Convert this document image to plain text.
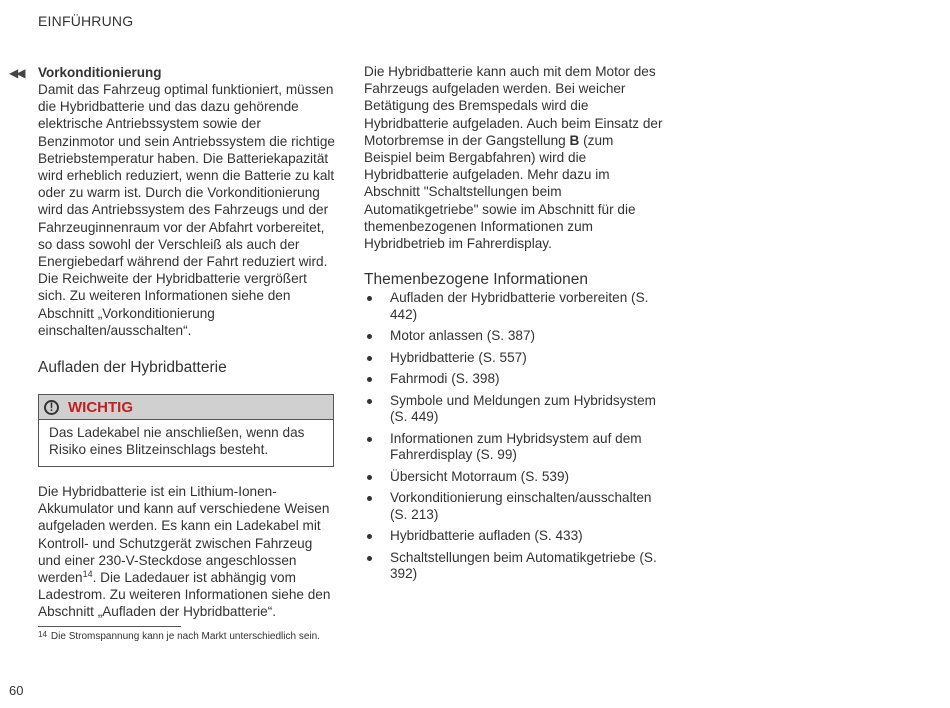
EINFÜHRUNG
◀◀ Vorkonditionierung

Damit das Fahrzeug optimal funktioniert, müssen die Hybridbatterie und das dazu gehörende elektrische Antriebssystem sowie der Benzinmotor und sein Antriebssystem die richtige Betriebstemperatur haben. Die Batteriekapazität wird erheblich reduziert, wenn die Batterie zu kalt oder zu warm ist. Durch die Vorkonditionierung wird das Antriebssystem des Fahrzeugs und der Fahrzeuginnenraum vor der Abfahrt vorbereitet, so dass sowohl der Verschleiß als auch der Energiebedarf während der Fahrt reduziert wird. Die Reichweite der Hybridbatterie vergrößert sich. Zu weiteren Informationen siehe den Abschnitt „Vorkonditionierung einschalten/ausschalten“.

Aufladen der Hybridbatterie
! WICHTIG
Das Ladekabel nie anschließen, wenn das Risiko eines Blitzeinschlags besteht.

Die Hybridbatterie ist ein Lithium-Ionen-Akkumulator und kann auf verschiedene Weisen aufgeladen werden. Es kann ein Ladekabel mit Kontroll- und Schutzgerät zwischen Fahrzeug und einer 230-V-Steckdose angeschlossen werden$^{14}$. Die Ladedauer ist abhängig vom Ladestrom. Zu weiteren Informationen siehe den Abschnitt „Aufladen der Hybridbatterie“.

Die Hybridbatterie kann auch mit dem Motor des Fahrzeugs aufgeladen werden. Bei weicher Betätigung des Bremspedals wird die Hybridbatterie aufgeladen. Auch beim Einsatz der Motorbremse in der Gangstellung B (zum Beispiel beim Bergabfahren) wird die Hybridbatterie aufgeladen. Mehr dazu im Abschnitt "Schaltstellungen beim Automatikgetriebe" sowie im Abschnitt für die themenbezogenen Informationen zum Hybridbetrieb im Fahrerdisplay.

Themenbezogene Informationen
Aufladen der Hybridbatterie vorbereiten (S. 442)
Motor anlassen (S. 387)
Hybridbatterie (S. 557)
Fahrmodi (S. 398)
Symbole und Meldungen zum Hybridsystem (S. 449)
Informationen zum Hybridsystem auf dem Fahrerdisplay (S. 99)
Übersicht Motorraum (S. 539)
Vorkonditionierung einschalten/ausschalten (S. 213)
Hybridbatterie aufladen (S. 433)
Schaltstellungen beim Automatikgetriebe (S. 392)
$^{14}$ Die Stromspannung kann je nach Markt unterschiedlich sein.
60
